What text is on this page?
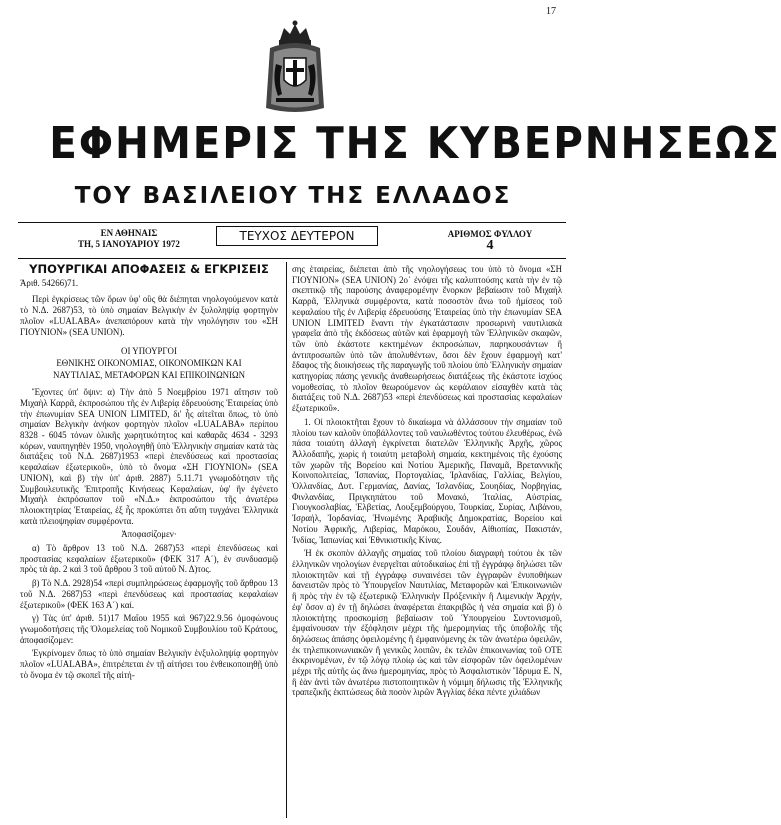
17
ΕΦΗΜΕΡΙΣ ΤΗΣ ΚΥΒΕΡΝΗΣΕΩΣ
ΤΟΥ ΒΑΣΙΛΕΙΟΥ ΤΗΣ ΕΛΛΑΔΟΣ
ΕΝ ΑΘΗΝΑΙΣ
ΤΗ, 5 ΙΑΝΟΥΑΡΙΟΥ 1972
ΤΕΥΧΟΣ ΔΕΥΤΕΡΟΝ	ΑΡΙΘΜΟΣ ΦΥΛΛΟΥ
4

ΥΠΟΥΡΓΙΚΑΙ ΑΠΟΦΑΣΕΙΣ & ΕΓΚΡΙΣΕΙΣ

Άριθ. 54266)71.

Περὶ ἐγκρίσεως τῶν ὅρων ὑφ' οὓς θὰ διέπηται νηολογούμενον κατὰ τὸ Ν.Δ. 2687)53, τὸ ὑπὸ σημαίαν Βελγικὴν ἐν ξυλοληψίᾳ φορτηγὸν πλοῖον «LUALABA» ἀνεπαπόρουν κατὰ τὴν νηολόγησιν του «ΣΗ ΓΙΟΥΝΙΟΝ» (SEA UNION).

ΟΙ ΥΠΟΥΡΓΟΙ
ΕΘΝΙΚΗΣ ΟΙΚΟΝΟΜΙΑΣ, ΟΙΚΟΝΟΜΙΚΩΝ ΚΑΙ
ΝΑΥΤΙΛΙΑΣ, ΜΕΤΑΦΟΡΩΝ ΚΑΙ ΕΠΙΚΟΙΝΩΝΙΩΝ

Ἔχοντες ὑπ' ὄψιν: α) Τὴν ἀπὸ 5 Νοεμβρίου 1971 αἴτησιν τοῦ Μιχαὴλ Καρρᾶ, ἐκπροσώπου τῆς ἐν Λιβερίᾳ ἐδρευούσης Ἑταιρείας ὑπὸ τὴν ἐπωνυμίαν SEA UNION LIMITED, δι' ἧς αἰτεῖται ὅπως, τὸ ὑπὸ σημαίαν Βελγικὴν ἀνήκον φορτηγὸν πλοῖον «LUALABA» περίπου 8328 - 6045 τόνων ὁλικῆς χωρητικότητος καὶ καθαρᾶς 4634 - 3293 κόρων, ναυπηγηθὲν 1950, νηολογηθῇ ὑπὸ Ἑλληνικὴν σημαίαν κατὰ τὰς διατάξεις τοῦ Ν.Δ. 2687)1953 «περὶ ἐπενδύσεως καὶ προστασίας κεφαλαίων ἐξωτερικοῦ», ὑπὸ τὸ ὄνομα «ΣΗ ΓΙΟΥΝΙΟΝ» (SEA UNION), καὶ β) τὴν ὑπ' ἀριθ. 2887) 5.11.71 γνωμοδότησιν τῆς Συμβουλευτικῆς Ἐπιτροπῆς Κινήσεως Κεφαλαίων, ὑφ' ἣν ἐγένετο Μιχαὴλ ἐκπρόσωπον τοῦ «Ν.Δ.» ἐκπροσώπου τῆς ἀνωτέρω πλοιοκτητρίας Ἑταιρείας, ἐξ ἧς προκύπτει ὅτι αὕτη τυγχάνει Ἑλληνικὰ κατὰ πλειοψηφίαν συμφέροντα.

Ἀποφασίζομεν·

α) Τὸ ἄρθρον 13 τοῦ Ν.Δ. 2687)53 «περὶ ἐπενδύσεως καὶ προστασίας κεφαλαίων ἐξωτερικοῦ» (ΦΕΚ 317 Α΄), ἐν συνδυασμῷ πρὸς τὰ ἀρ. 2 καὶ 3 τοῦ ἄρθρου 3 τοῦ αὐτοῦ Ν. Δ)τος.

β) Τὸ Ν.Δ. 2928)54 «περὶ συμπληρώσεως ἐφαρμογῆς τοῦ ἄρθρου 13 τοῦ Ν.Δ. 2687)53 «περὶ ἐπενδύσεως καὶ προστασίας κεφαλαίων ἐξωτερικοῦ» (ΦΕΚ 163 Α΄) καί.

γ) Τὰς ὑπ' ἀριθ. 51)17 Μαΐου 1955 καὶ 967)22.9.56 ὁμοφώνους γνωμοδοτήσεις τῆς Ὁλομελείας τοῦ Νομικοῦ Συμβουλίου τοῦ Κράτους, ἀποφασίζομεν:

Ἐγκρίνομεν ὅπως τὸ ὑπὸ σημαίαν Βελγικὴν ἐνξυλοληψίᾳ φορτηγὸν πλοῖον «LUALABA», ἐπιτρέπεται ἐν τῇ αἰτήσει του ἐνθεικοποιηθῇ ὑπὸ τὸ ὄνομα ἐν τῷ σκοπεῖ τῆς αἰτή-

σης ἑταιρείας, διέπεται ἀπὸ τῆς νηολογήσεως του ὑπὸ τὸ ὄνομα «ΣΗ ΓΙΟΥΝΙΟΝ» (SEA UNION) 2ο΄ ἐνόψει τῆς καλυπτούσης κατὰ τὴν ἐν τῷ σκεπτικῷ τῆς παρούσης ἀναφερομένην ἔνορκον βεβαίωσιν τοῦ Μιχαὴλ Καρρᾶ, Ἑλληνικὰ συμφέροντα, κατὰ ποσοστὸν ἄνω τοῦ ἡμίσεος τοῦ κεφαλαίου τῆς ἐν Λιβερίᾳ ἐδρευούσης Ἑταιρείας ὑπὸ τὴν ἐπωνυμίαν SEA UNION LIMITED ἔναντι τὴν ἐγκατάστασιν προσωρινὴ ναυτιλιακὰ γραφεῖα ἀπὸ τῆς ἐκδόσεως αὐτῶν καὶ ἐφαρμογὴ τῶν Ἑλληνικῶν σκαφῶν, τῶν ὑπὸ ἐκάστοτε κεκτημένων ἐκπροσώπων, παρηκουσάντων ἢ ἀντιπροσωπῶν ὑπὸ τῶν ἀπολυθέντων, ὅσοι δὲν ἔχουν ἐφαρμογὴ κατ' ἔδαφος τῆς διοικήσεως τῆς παραγωγῆς τοῦ πλοίου ὑπὸ Ἑλληνικὴν σημαίαν κατηγορίας πάσης γενικῆς ἀναθεωρήσεως διατάξεως τῆς ἐκάστοτε ἰσχύος νομοθεσίας, τὸ πλοῖον θεωρούμενον ὡς κεφάλαιον εἰσαχθὲν κατὰ τὰς διατάξεις τοῦ Ν.Δ. 2687)53 «περὶ ἐπενδύσεως καὶ προστασίας κεφαλαίων ἐξωτερικοῦ».

1. Οἱ πλοιοκτῆται ἔχουν τὸ δικαίωμα νὰ ἀλλάσσουν τὴν σημαίαν τοῦ πλοίου των καλοῦν ὑποβάλλοντες τοῦ ναυλωθέντος τούτου ἐλευθέρως, ἐνῶ πάσα τοιαύτη ἀλλαγὴ ἐγκρίνεται διατελῶν Ἑλληνικῆς Ἀρχῆς, χῶρος Ἀλλοδαπῆς, χωρὶς ἡ τοιαύτη μεταβολὴ σημαία, κεκτημένοις τῆς ἐχούσης τῶν χωρῶν τῆς Βορείου καὶ Νοτίου Ἀμερικῆς, Παναμᾶ, Βρεταννικῆς Κοινοπολιτείας, Ἰσπανίας, Πορτογαλίας, Ἰρλανδίας, Γαλλίας, Βελγίου, Ὁλλανδίας, Δυτ. Γερμανίας, Δανίας, Ἰσλανδίας, Σουηδίας, Νορβηγίας, Φινλανδίας, Πριγκηπάτου τοῦ Μονακό, Ἰταλίας, Αὐστρίας, Γιουγκοσλαβίας, Ἑλβετίας, Λουξεμβούργου, Τουρκίας, Συρίας, Λιβάνου, Ἰσραήλ, Ἰορδανίας, Ἡνωμένης Ἀραβικῆς Δημοκρατίας, Βορείου καὶ Νοτίου Ἀφρικῆς, Λιβερίας, Μαρόκου, Σουδάν, Αἰθιοπίας, Πακιστάν, Ἰνδίας, Ἰαπωνίας καὶ Ἐθνικιστικῆς Κίνας.

Ἡ ἐκ σκοπὸν ἀλλαγῆς σημαίας τοῦ πλοίου διαγραφὴ τούτου ἐκ τῶν ἑλληνικῶν νηολογίων ἐνεργεῖται αὐτοδικαίως ἐπὶ τῇ ἐγγράφῳ δηλώσει τῶν πλοιοκτητῶν καὶ τῇ ἐγγράφῳ συναινέσει τῶν ἐγγραφῶν ἐνυποθήκων δανειστῶν πρὸς τὸ Ὑπουργεῖον Ναυτιλίας, Μεταφορῶν καὶ Ἐπικοινωνιῶν ἢ πρὸς τὴν ἐν τῷ ἐξωτερικῷ Ἑλληνικὴν Πρόξενικὴν ἢ Λιμενικὴν Ἀρχήν, ἐφ' ὅσον α) ἐν τῇ δηλώσει ἀναφέρεται ἐπακριβῶς ἡ νέα σημαία καὶ β) ὁ πλοιοκτήτης προσκομίσῃ βεβαίωσιν τοῦ Ὑπουργείου Συντονισμοῦ, ἐμφαίνουσαν τὴν ἐξόφλησιν μέχρι τῆς ἡμερομηνίας τῆς ὑποβολῆς τῆς δηλώσεως ἀπάσης ὀφειλομένης ἢ ἐμφαινόμενης ἐκ τῶν ἀνωτέρω ὀφειλῶν, ἐκ τηλεπικοινωνιακῶν ἢ γενικῶς λοιπῶν, ἐκ τελῶν ἐπικοινωνίας τοῦ ΟΤΕ ἐκκρινομένων, ἐν τῷ λόγῳ πλοίῳ ὡς καὶ τῶν εἰσφορῶν τῶν ὀφειλομένων μέχρι τῆς αὐτῆς ὡς ἄνω ἡμερομηνίας, πρὸς τὸ Ἀσφαλιστικὸν Ἵδρυμα Ε. Ν, ἢ ἐὰν ἀντὶ τῶν ἀνωτέρω πιστοποιητικῶν ἡ νόμιμη δήλωσις τῆς Ἑλληνικῆς τραπεζικῆς ἐκπτώσεως διὰ ποσὸν λιρῶν Ἀγγλίας δέκα πέντε χιλιάδων
